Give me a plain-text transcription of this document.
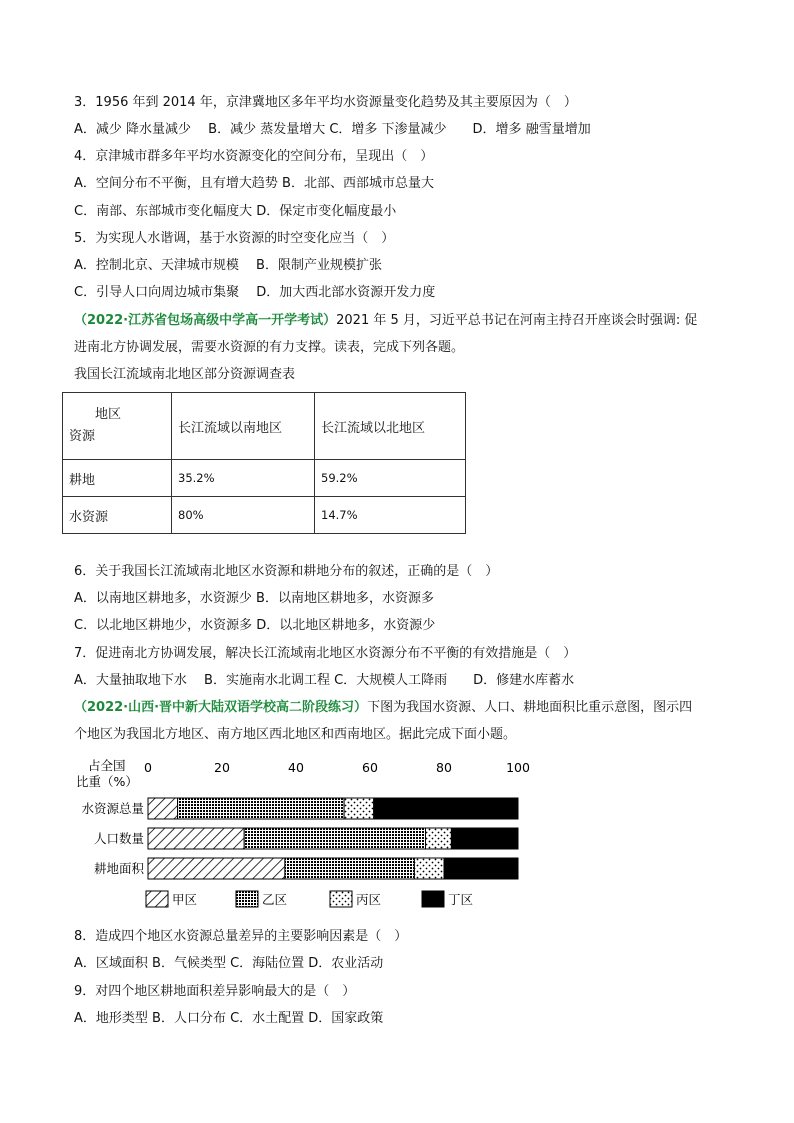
3．1956 年到 2014 年，京津冀地区多年平均水资源量变化趋势及其主要原因为（　）
A．减少 降水量减少　 B．减少 蒸发量增大 C．增多 下渗量减少　　D．增多 融雪量增加
4．京津城市群多年平均水资源变化的空间分布，呈现出（　）
A．空间分布不平衡，且有增大趋势 B．北部、西部城市总量大
C．南部、东部城市变化幅度大 D．保定市变化幅度最小
5．为实现人水谐调，基于水资源的时空变化应当（　）
A．控制北京、天津城市规模　 B．限制产业规模扩张
C．引导人口向周边城市集聚　 D．加大西北部水资源开发力度
（2022·江苏省包场高级中学高一开学考试）2021 年 5 月，习近平总书记在河南主持召开座谈会时强调: 促
进南北方协调发展，需要水资源的有力支撑。读表，完成下列各题。
我国长江流域南北地区部分资源调查表
地区
资源	长江流域以南地区	长江流域以北地区
耕地	35.2%	59.2%
水资源	80%	14.7%
6．关于我国长江流域南北地区水资源和耕地分布的叙述，正确的是（　）
A．以南地区耕地多，水资源少 B．以南地区耕地多，水资源多
C．以北地区耕地少，水资源多 D．以北地区耕地多，水资源少
7．促进南北方协调发展，解决长江流域南北地区水资源分布不平衡的有效措施是（　）
A．大量抽取地下水　 B．实施南水北调工程 C．大规模人工降雨　　D．修建水库蓄水
（2022·山西·晋中新大陆双语学校高二阶段练习）下图为我国水资源、人口、耕地面积比重示意图，图示四
个地区为我国北方地区、南方地区西北地区和西南地区。据此完成下面小题。
占全国
比重（%）
0	20	40	60	80	100
水资源总量
人口数量
耕地面积
甲区	乙区	丙区	丁区
8．造成四个地区水资源总量差异的主要影响因素是（　）
A．区域面积 B．气候类型 C．海陆位置 D．农业活动
9．对四个地区耕地面积差异影响最大的是（　）
A．地形类型 B．人口分布 C．水土配置 D．国家政策
